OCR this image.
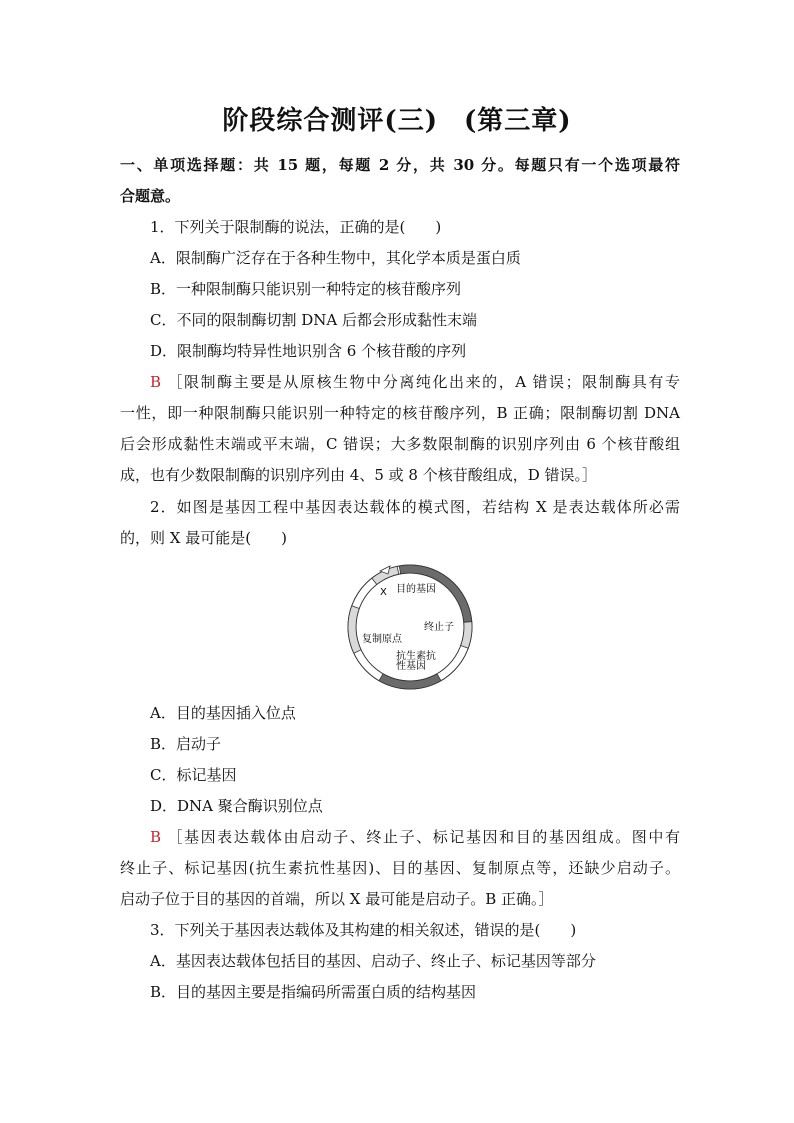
阶段综合测评(三) (第三章)
一、单项选择题：共 15 题，每题 2 分，共 30 分。每题只有一个选项最符
合题意。
1．下列关于限制酶的说法，正确的是(　　)
A．限制酶广泛存在于各种生物中，其化学本质是蛋白质
B．一种限制酶只能识别一种特定的核苷酸序列
C．不同的限制酶切割 DNA 后都会形成黏性末端
D．限制酶均特异性地识别含 6 个核苷酸的序列
B ［限制酶主要是从原核生物中分离纯化出来的，A 错误；限制酶具有专
一性，即一种限制酶只能识别一种特定的核苷酸序列，B 正确；限制酶切割 DNA
后会形成黏性末端或平末端，C 错误；大多数限制酶的识别序列由 6 个核苷酸组
成，也有少数限制酶的识别序列由 4、5 或 8 个核苷酸组成，D 错误。］
2．如图是基因工程中基因表达载体的模式图，若结构 X 是表达载体所必需
的，则 X 最可能是(　　)
X 目的基因
终止子
复制原点
抗生素抗
性基因
A．目的基因插入位点
B．启动子
C．标记基因
D．DNA 聚合酶识别位点
B ［基因表达载体由启动子、终止子、标记基因和目的基因组成。图中有
终止子、标记基因(抗生素抗性基因)、目的基因、复制原点等，还缺少启动子。
启动子位于目的基因的首端，所以 X 最可能是启动子。B 正确。］
3．下列关于基因表达载体及其构建的相关叙述，错误的是(　　)
A．基因表达载体包括目的基因、启动子、终止子、标记基因等部分
B．目的基因主要是指编码所需蛋白质的结构基因
